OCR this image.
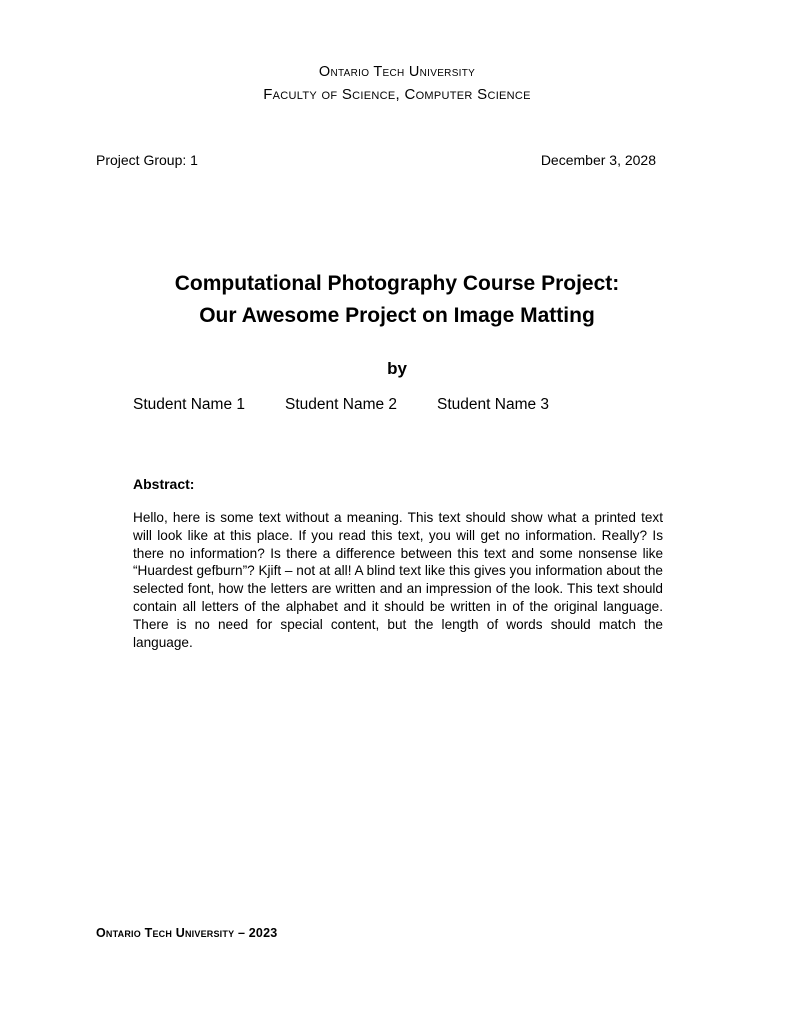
Ontario Tech University
Faculty of Science, Computer Science
Project Group: 1	December 3, 2028
Computational Photography Course Project:
Our Awesome Project on Image Matting
by
Student Name 1	Student Name 2	Student Name 3
Abstract:

Hello, here is some text without a meaning. This text should show what a printed text will look like at this place. If you read this text, you will get no information. Really? Is there no information? Is there a difference between this text and some nonsense like “Huardest gefburn”? Kjift – not at all! A blind text like this gives you information about the selected font, how the letters are written and an impression of the look. This text should contain all letters of the alphabet and it should be written in of the original language. There is no need for special content, but the length of words should match the language.

Ontario Tech University – 2023
